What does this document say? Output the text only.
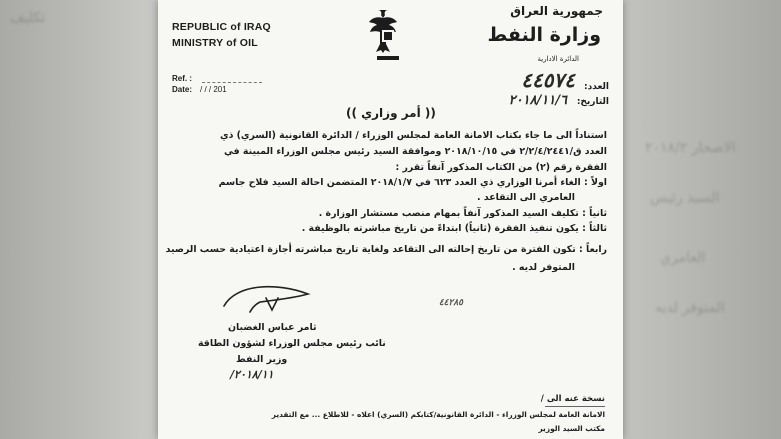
تكليف
الاصحار ٢٠١٨/٢
السيد رئيس
العامري
المتوفر لديه
REPUBLIC of IRAQ
MINISTRY of OIL
جمهورية العراق
وزارة النفط
الدائرة الادارية
Ref. :
Date: / / / 201	العدد:
٤٤٥٧٤
التاريخ:
٢٠١٨/١١/٦
(( أمر وزاري ))
استناداً الى ما جاء بكتاب الامانة العامة لمجلس الوزراء / الدائرة القانونية (السري) ذي
العدد ق/٢/٢/٤/٢٤٤١ في ٢٠١٨/١٠/١٥ وموافقة السيد رئيس مجلس الوزراء المبينة في
الفقرة رقم (٢) من الكتاب المذكور آنفاً تقرر :
اولاً : الغاء أمرنا الوزاري ذي العدد ٦٢٣ في ٢٠١٨/١/٧ المتضمن احالة السيد فلاح جاسم
العامري الى التقاعد .
ثانياً : تكليف السيد المذكور آنفاً بمهام منصب مستشار الوزارة .
ثالثاً : يكون تنفيذ الفقرة (ثانياً) ابتداءً من تاريخ مباشرته بالوظيفة .
رابعاً : تكون الفترة من تاريخ إحالته الى التقاعد ولغاية تاريخ مباشرته أجازة اعتيادية حسب الرصيد
المتوفر لديه .
ثامر عباس الغضبان
نائب رئيس مجلس الوزراء لشؤون الطاقة
وزير النفط
٢٠١٨/١١/
٤٤٢٨٥
نسخة عنه الى /
الامانة العامة لمجلس الوزراء - الدائرة القانونية/كتابكم (السري) اعلاه - للاطلاع ... مع التقدير
مكتب السيد الوزير
